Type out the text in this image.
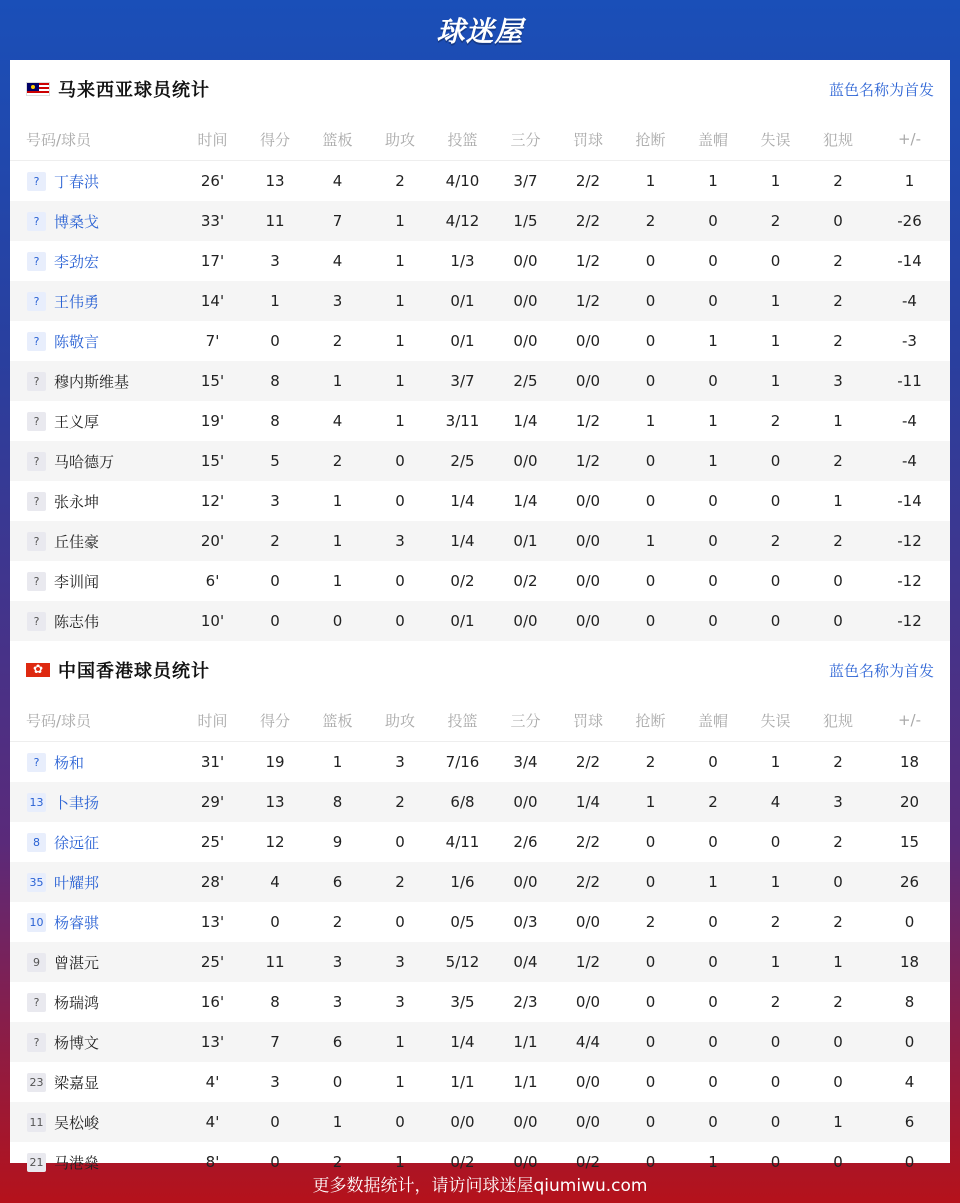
球迷屋
马来西亚球员统计	蓝色名称为首发
号码/球员	时间	得分	篮板	助攻	投篮	三分	罚球	抢断	盖帽	失误	犯规	+/-
? 丁春洪	26'	13	4	2	4/10	3/7	2/2	1	1	1	2	1
? 博桑戈	33'	11	7	1	4/12	1/5	2/2	2	0	2	0	-26
? 李劲宏	17'	3	4	1	1/3	0/0	1/2	0	0	0	2	-14
? 王伟勇	14'	1	3	1	0/1	0/0	1/2	0	0	1	2	-4
? 陈敬言	7'	0	2	1	0/1	0/0	0/0	0	1	1	2	-3
? 穆内斯维基	15'	8	1	1	3/7	2/5	0/0	0	0	1	3	-11
? 王义厚	19'	8	4	1	3/11	1/4	1/2	1	1	2	1	-4
? 马哈德万	15'	5	2	0	2/5	0/0	1/2	0	1	0	2	-4
? 张永坤	12'	3	1	0	1/4	1/4	0/0	0	0	0	1	-14
? 丘佳豪	20'	2	1	3	1/4	0/1	0/0	1	0	2	2	-12
? 李训闻	6'	0	1	0	0/2	0/2	0/0	0	0	0	0	-12
? 陈志伟	10'	0	0	0	0/1	0/0	0/0	0	0	0	0	-12
✿
中国香港球员统计	蓝色名称为首发
号码/球员	时间	得分	篮板	助攻	投篮	三分	罚球	抢断	盖帽	失误	犯规	+/-
? 杨和	31'	19	1	3	7/16	3/4	2/2	2	0	1	2	18
13 卜聿扬	29'	13	8	2	6/8	0/0	1/4	1	2	4	3	20
8 徐远征	25'	12	9	0	4/11	2/6	2/2	0	0	0	2	15
35 叶耀邦	28'	4	6	2	1/6	0/0	2/2	0	1	1	0	26
10 杨睿骐	13'	0	2	0	0/5	0/3	0/0	2	0	2	2	0
9 曾湛元	25'	11	3	3	5/12	0/4	1/2	0	0	1	1	18
? 杨瑞鸿	16'	8	3	3	3/5	2/3	0/0	0	0	2	2	8
? 杨博文	13'	7	6	1	1/4	1/1	4/4	0	0	0	0	0
23 梁嘉显	4'	3	0	1	1/1	1/1	0/0	0	0	0	0	4
11 吴松峻	4'	0	1	0	0/0	0/0	0/0	0	0	0	1	6
21 马港燊	8'	0	2	1	0/2	0/0	0/2	0	1	0	0	0
更多数据统计，请访问球迷屋qiumiwu.com
